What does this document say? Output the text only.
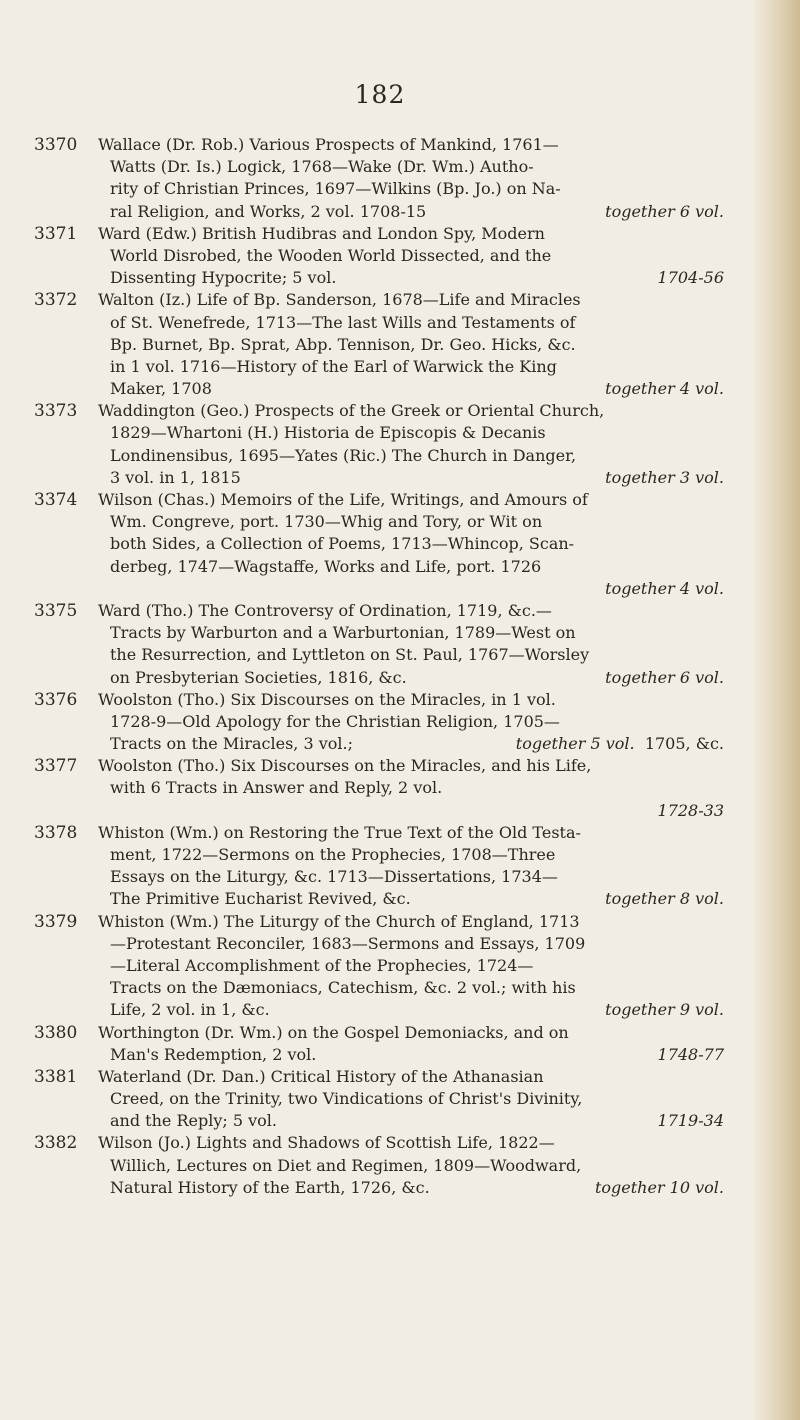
182
3370 Wallace (Dr. Rob.) Various Prospects of Mankind, 1761—
Watts (Dr. Is.) Logick, 1768—Wake (Dr. Wm.) Autho-
rity of Christian Princes, 1697—Wilkins (Bp. Jo.) on Na-
ral Religion, and Works, 2 vol. 1708-15	together 6 vol.
3371 Ward (Edw.) British Hudibras and London Spy, Modern
World Disrobed, the Wooden World Dissected, and the
Dissenting Hypocrite; 5 vol.	1704-56
3372 Walton (Iz.) Life of Bp. Sanderson, 1678—Life and Miracles
of St. Wenefrede, 1713—The last Wills and Testaments of
Bp. Burnet, Bp. Sprat, Abp. Tennison, Dr. Geo. Hicks, &c.
in 1 vol. 1716—History of the Earl of Warwick the King
Maker, 1708	together 4 vol.
3373 Waddington (Geo.) Prospects of the Greek or Oriental Church,
1829—Whartoni (H.) Historia de Episcopis & Decanis
Londinensibus, 1695—Yates (Ric.) The Church in Danger,
3 vol. in 1, 1815	together 3 vol.
3374 Wilson (Chas.) Memoirs of the Life, Writings, and Amours of
Wm. Congreve, port. 1730—Whig and Tory, or Wit on
both Sides, a Collection of Poems, 1713—Whincop, Scan-
derbeg, 1747—Wagstaffe, Works and Life, port. 1726
together 4 vol.
3375 Ward (Tho.) The Controversy of Ordination, 1719, &c.—
Tracts by Warburton and a Warburtonian, 1789—West on
the Resurrection, and Lyttleton on St. Paul, 1767—Worsley
on Presbyterian Societies, 1816, &c.	together 6 vol.
3376 Woolston (Tho.) Six Discourses on the Miracles, in 1 vol.
1728-9—Old Apology for the Christian Religion, 1705—
Tracts on the Miracles, 3 vol.;	together 5 vol. 1705, &c.
3377 Woolston (Tho.) Six Discourses on the Miracles, and his Life,
with 6 Tracts in Answer and Reply, 2 vol.
1728-33
3378 Whiston (Wm.) on Restoring the True Text of the Old Testa-
ment, 1722—Sermons on the Prophecies, 1708—Three
Essays on the Liturgy, &c. 1713—Dissertations, 1734—
The Primitive Eucharist Revived, &c.	together 8 vol.
3379 Whiston (Wm.) The Liturgy of the Church of England, 1713
—Protestant Reconciler, 1683—Sermons and Essays, 1709
—Literal Accomplishment of the Prophecies, 1724—
Tracts on the Dæmoniacs, Catechism, &c. 2 vol.; with his
Life, 2 vol. in 1, &c.	together 9 vol.
3380 Worthington (Dr. Wm.) on the Gospel Demoniacks, and on
Man's Redemption, 2 vol.	1748-77
3381 Waterland (Dr. Dan.) Critical History of the Athanasian
Creed, on the Trinity, two Vindications of Christ's Divinity,
and the Reply; 5 vol.	1719-34
3382 Wilson (Jo.) Lights and Shadows of Scottish Life, 1822—
Willich, Lectures on Diet and Regimen, 1809—Woodward,
Natural History of the Earth, 1726, &c.	together 10 vol.
